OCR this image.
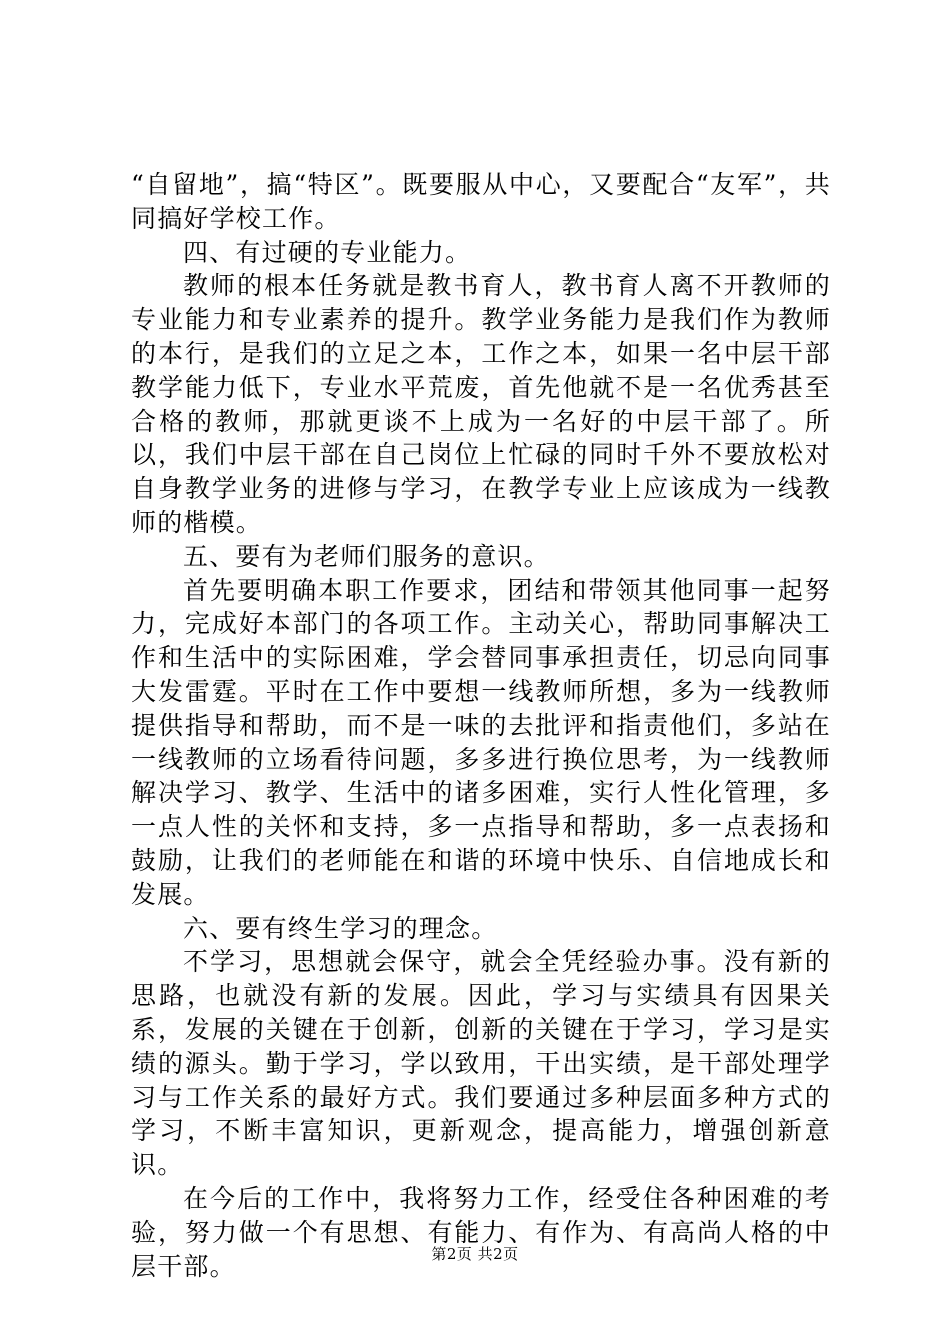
“自留地”，搞“特区”。既要服从中心，又要配合“友军”，共同搞好学校工作。

四、有过硬的专业能力。

教师的根本任务就是教书育人，教书育人离不开教师的专业能力和专业素养的提升。教学业务能力是我们作为教师的本行，是我们的立足之本，工作之本，如果一名中层干部教学能力低下，专业水平荒废，首先他就不是一名优秀甚至合格的教师，那就更谈不上成为一名好的中层干部了。所以，我们中层干部在自己岗位上忙碌的同时千外不要放松对自身教学业务的进修与学习，在教学专业上应该成为一线教师的楷模。

五、要有为老师们服务的意识。

首先要明确本职工作要求，团结和带领其他同事一起努力，完成好本部门的各项工作。主动关心，帮助同事解决工作和生活中的实际困难，学会替同事承担责任，切忌向同事大发雷霆。平时在工作中要想一线教师所想，多为一线教师提供指导和帮助，而不是一味的去批评和指责他们，多站在一线教师的立场看待问题，多多进行换位思考，为一线教师解决学习、教学、生活中的诸多困难，实行人性化管理，多一点人性的关怀和支持，多一点指导和帮助，多一点表扬和鼓励，让我们的老师能在和谐的环境中快乐、自信地成长和发展。

六、要有终生学习的理念。

不学习，思想就会保守，就会全凭经验办事。没有新的思路，也就没有新的发展。因此，学习与实绩具有因果关系，发展的关键在于创新，创新的关键在于学习，学习是实绩的源头。勤于学习，学以致用，干出实绩，是干部处理学习与工作关系的最好方式。我们要通过多种层面多种方式的学习，不断丰富知识，更新观念，提高能力，增强创新意识。

在今后的工作中，我将努力工作，经受住各种困难的考验，努力做一个有思想、有能力、有作为、有高尚人格的中层干部。	第2页 共2页
